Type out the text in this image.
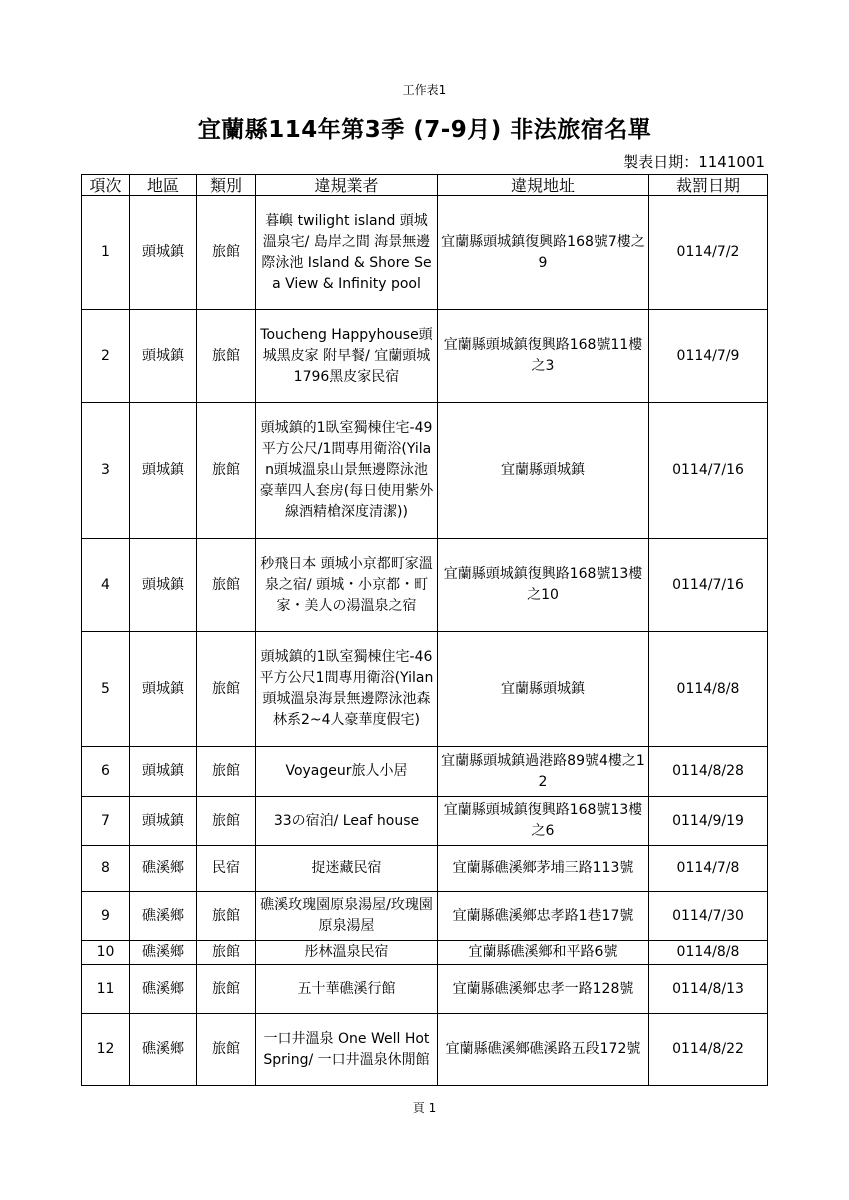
工作表1
宜蘭縣114年第3季 (7-9月) 非法旅宿名單
製表日期：1141001
項次	地區	類別	違規業者	違規地址	裁罰日期
1	頭城鎮	旅館	暮嶼 twilight island 頭城溫泉宅/ 島岸之間 海景無邊際泳池 Island & Shore Sea View & Infinity pool	宜蘭縣頭城鎮復興路168號7樓之9	0114/7/2
2	頭城鎮	旅館	Toucheng Happyhouse頭城黑皮家 附早餐/ 宜蘭頭城1796黑皮家民宿	宜蘭縣頭城鎮復興路168號11樓之3	0114/7/9
3	頭城鎮	旅館	頭城鎮的1臥室獨棟住宅-49平方公尺/1間專用衛浴(Yilan頭城溫泉山景無邊際泳池豪華四人套房(每日使用紫外線酒精槍深度清潔))	宜蘭縣頭城鎮	0114/7/16
4	頭城鎮	旅館	秒飛日本 頭城小京都町家溫泉之宿/ 頭城・小京都・町家・美人の湯溫泉之宿	宜蘭縣頭城鎮復興路168號13樓之10	0114/7/16
5	頭城鎮	旅館	頭城鎮的1臥室獨棟住宅-46平方公尺1間專用衛浴(Yilan頭城溫泉海景無邊際泳池森林系2~4人豪華度假宅)	宜蘭縣頭城鎮	0114/8/8
6	頭城鎮	旅館	Voyageur旅人小居	宜蘭縣頭城鎮過港路89號4樓之12	0114/8/28
7	頭城鎮	旅館	33の宿泊/ Leaf house	宜蘭縣頭城鎮復興路168號13樓之6	0114/9/19
8	礁溪鄉	民宿	捉迷藏民宿	宜蘭縣礁溪鄉茅埔三路113號	0114/7/8
9	礁溪鄉	旅館	礁溪玫瑰園原泉湯屋/玫瑰園原泉湯屋	宜蘭縣礁溪鄉忠孝路1巷17號	0114/7/30
10	礁溪鄉	旅館	彤林溫泉民宿	宜蘭縣礁溪鄉和平路6號	0114/8/8
11	礁溪鄉	旅館	五十華礁溪行館	宜蘭縣礁溪鄉忠孝一路128號	0114/8/13
12	礁溪鄉	旅館	一口井溫泉 One Well Hot Spring/ 一口井溫泉休閒館	宜蘭縣礁溪鄉礁溪路五段172號	0114/8/22
頁 1
